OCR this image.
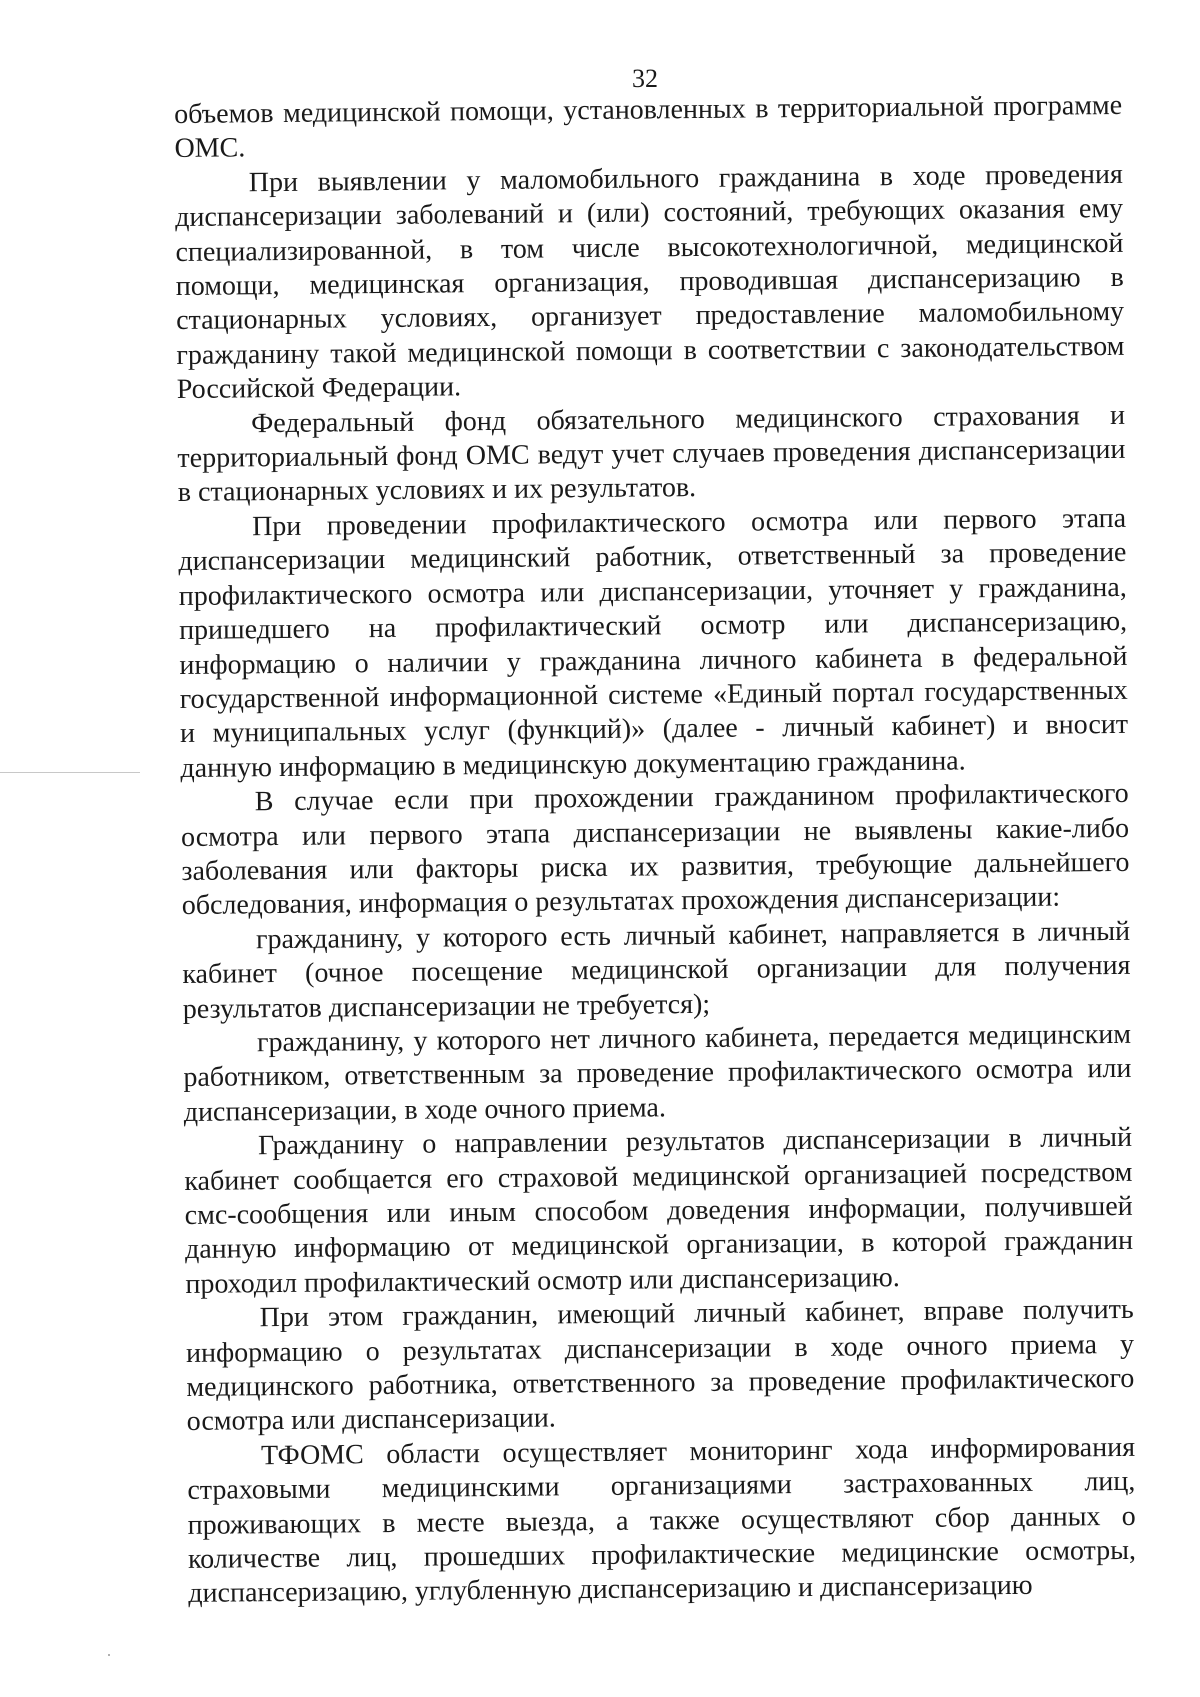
32

объемов медицинской помощи, установленных в территориальной программе ОМС.

При выявлении у маломобильного гражданина в ходе проведения диспансеризации заболеваний и (или) состояний, требующих оказания ему специализированной, в том числе высокотехнологичной, медицинской помощи, медицинская организация, проводившая диспансеризацию в стационарных условиях, организует предоставление маломобильному гражданину такой медицинской помощи в соответствии с законодательством Российской Федерации.

Федеральный фонд обязательного медицинского страхования и территориальный фонд ОМС ведут учет случаев проведения диспансеризации в стационарных условиях и их результатов.

При проведении профилактического осмотра или первого этапа диспансеризации медицинский работник, ответственный за проведение профилактического осмотра или диспансеризации, уточняет у гражданина, пришедшего на профилактический осмотр или диспансеризацию, информацию о наличии у гражданина личного кабинета в федеральной государственной информационной системе «Единый портал государственных и муниципальных услуг (функций)» (далее - личный кабинет) и вносит данную информацию в медицинскую документацию гражданина.

В случае если при прохождении гражданином профилактического осмотра или первого этапа диспансеризации не выявлены какие-либо заболевания или факторы риска их развития, требующие дальнейшего обследования, информация о результатах прохождения диспансеризации:

гражданину, у которого есть личный кабинет, направляется в личный кабинет (очное посещение медицинской организации для получения результатов диспансеризации не требуется);

гражданину, у которого нет личного кабинета, передается медицинским работником, ответственным за проведение профилактического осмотра или диспансеризации, в ходе очного приема.

Гражданину о направлении результатов диспансеризации в личный кабинет сообщается его страховой медицинской организацией посредством смс-сообщения или иным способом доведения информации, получившей данную информацию от медицинской организации, в которой гражданин проходил профилактический осмотр или диспансеризацию.

При этом гражданин, имеющий личный кабинет, вправе получить информацию о результатах диспансеризации в ходе очного приема у медицинского работника, ответственного за проведение профилактического осмотра или диспансеризации.

ТФОМС области осуществляет мониторинг хода информирования страховыми медицинскими организациями застрахованных лиц, проживающих в месте выезда, а также осуществляют сбор данных о количестве лиц, прошедших профилактические медицинские осмотры, диспансеризацию, углубленную диспансеризацию и диспансеризацию
